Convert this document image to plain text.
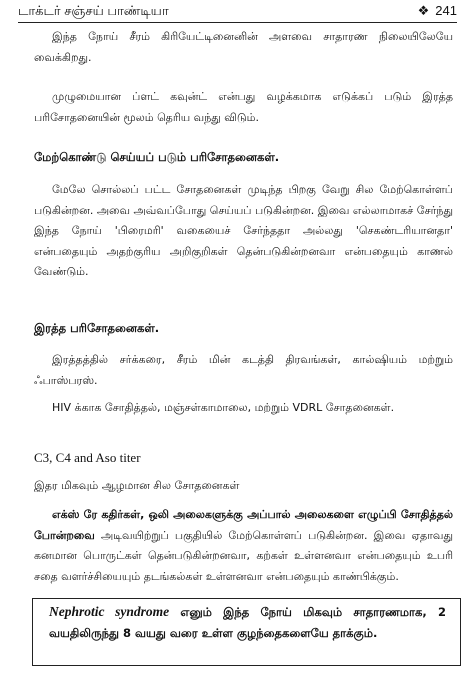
டாக்டர் சஞ்சய் பாண்டியா	❖ 241

இந்த நோய் சீரம் கிரியேட்டினைனின் அளவை சாதாரண நிலையிலேயே வைக்கிறது.

முழுமையான ப்ளட் கவுன்ட் என்பது வழக்கமாக எடுக்கப் படும் இரத்த பரிசோதனையின் மூலம் தெரிய வந்து விடும்.

மேற்கொண்டு செய்யப் படும் பரிசோதனைகள்.

மேலே சொல்லப் பட்ட சோதனைகள் முடிந்த பிறகு வேறு சில மேற்கொள்ளப் படுகின்றன. அவை அவ்வப்போது செய்யப் படுகின்றன. இவை எல்லாமாகச் சேர்ந்து இந்த நோய் 'பிரைமரி' வகையைச் சேர்ந்ததா அல்லது 'செகண்டரியானதா' என்பதையும் அதற்குரிய அறிகுறிகள் தென்படுகின்றனவா என்பதையும் காணல் வேண்டும்.

இரத்த பரிசோதனைகள்.

இரத்தத்தில் சர்க்கரை, சீரம் மின் கடத்தி திரவங்கள், கால்ஷியம் மற்றும் ஃபாஸ்பரஸ்.

HIV க்காக சோதித்தல், மஞ்சள்காமாலை, மற்றும் VDRL சோதனைகள்.

C3, C4 and Aso titer

இதர மிகவும் ஆழமான சில சோதனைகள்

எக்ஸ் ரே கதிர்கள், ஒலி அலைகளுக்கு அப்பால் அலைகளை எழுப்பி சோதித்தல் போன்றவை அடிவயிற்றுப் பகுதியில் மேற்கொள்ளப் படுகின்றன. இவை ஏதாவது கனமான பொருட்கள் தென்படுகின்றனவா, கற்கள் உள்ளனவா என்பதையும் உபரி சதை வளர்ச்சியையும் தடங்கல்கள் உள்ளனவா என்பதையும் காண்பிக்கும்.

Nephrotic syndrome எனும் இந்த நோய் மிகவும் சாதாரணமாக, 2 வயதிலிருந்து 8 வயது வரை உள்ள குழந்தைகளையே தாக்கும்.
